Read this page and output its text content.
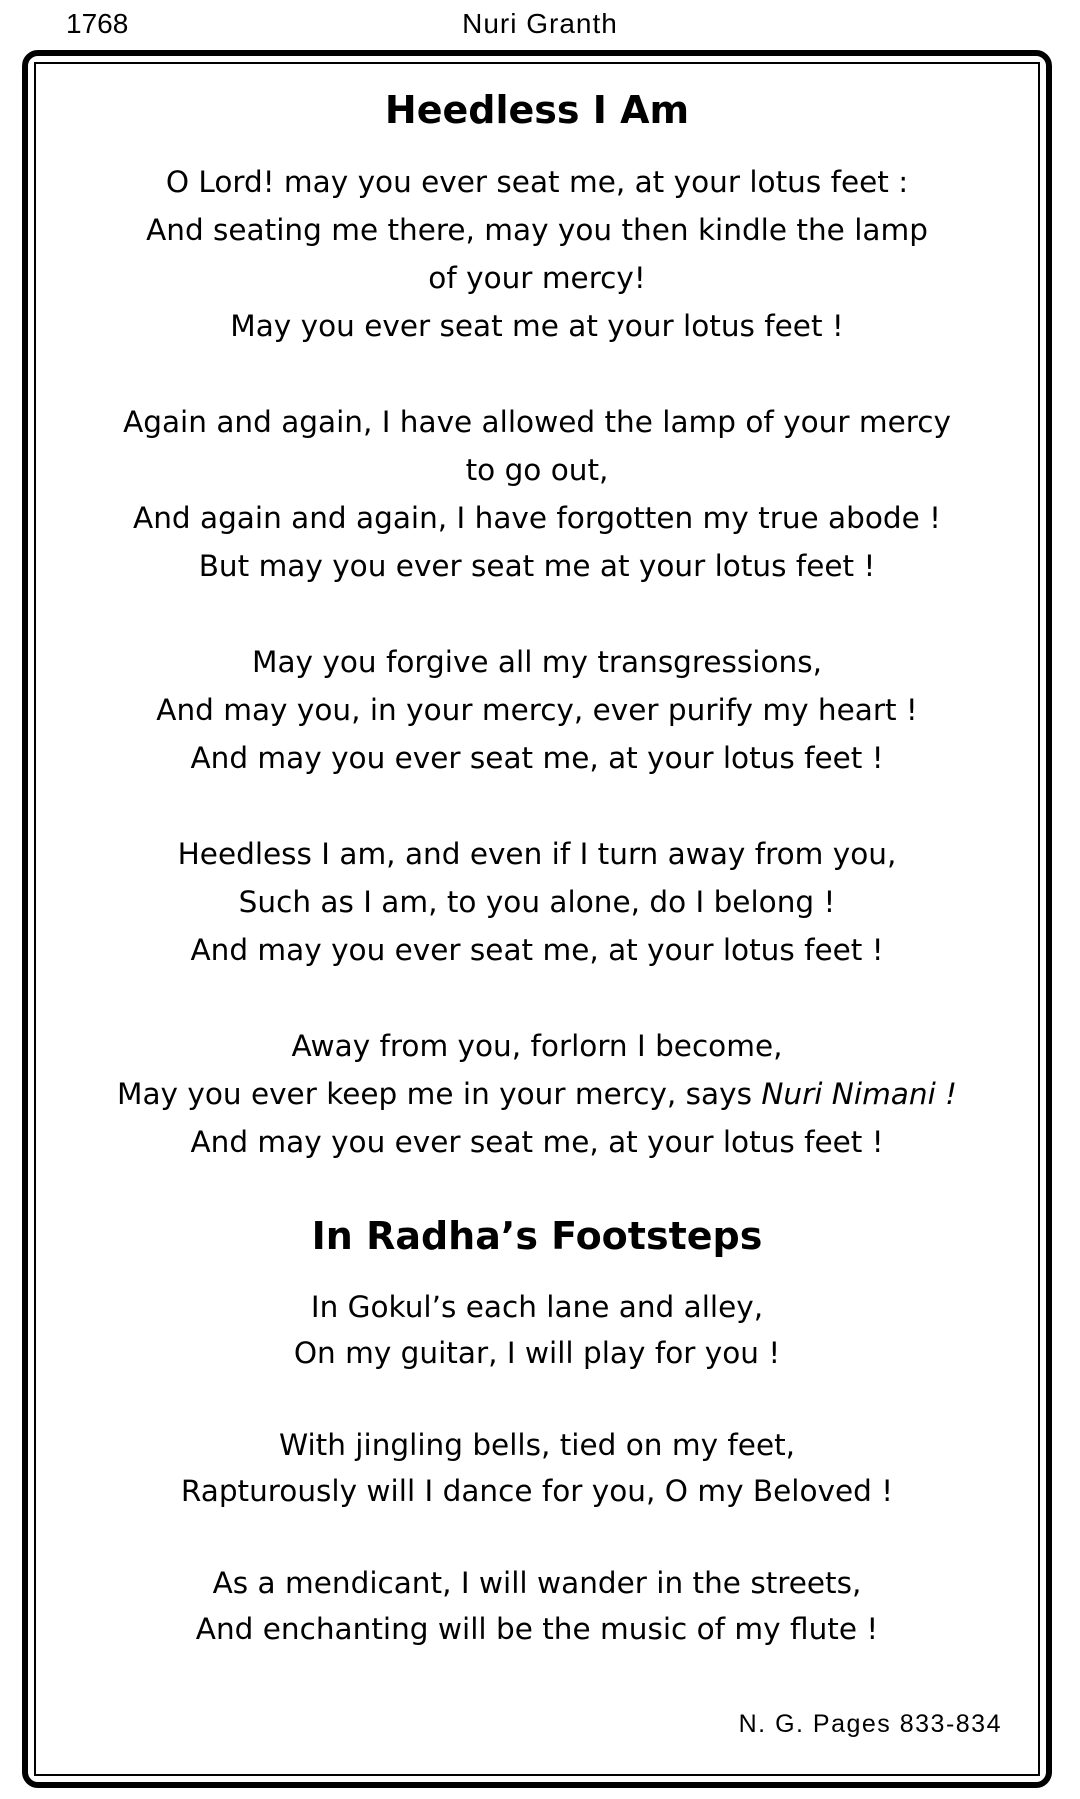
1768	Nuri Granth
Heedless I Am
O Lord! may you ever seat me, at your lotus feet :
And seating me there, may you then kindle the lamp
of your mercy!
May you ever seat me at your lotus feet !
Again and again, I have allowed the lamp of your mercy
to go out,
And again and again, I have forgotten my true abode !
But may you ever seat me at your lotus feet !
May you forgive all my transgressions,
And may you, in your mercy, ever purify my heart !
And may you ever seat me, at your lotus feet !
Heedless I am, and even if I turn away from you,
Such as I am, to you alone, do I belong !
And may you ever seat me, at your lotus feet !
Away from you, forlorn I become,
May you ever keep me in your mercy, says Nuri Nimani !
And may you ever seat me, at your lotus feet !
In Radha’s Footsteps
In Gokul’s each lane and alley,
On my guitar, I will play for you !
With jingling bells, tied on my feet,
Rapturously will I dance for you, O my Beloved !
As a mendicant, I will wander in the streets,
And enchanting will be the music of my flute !
N. G. Pages 833-834
